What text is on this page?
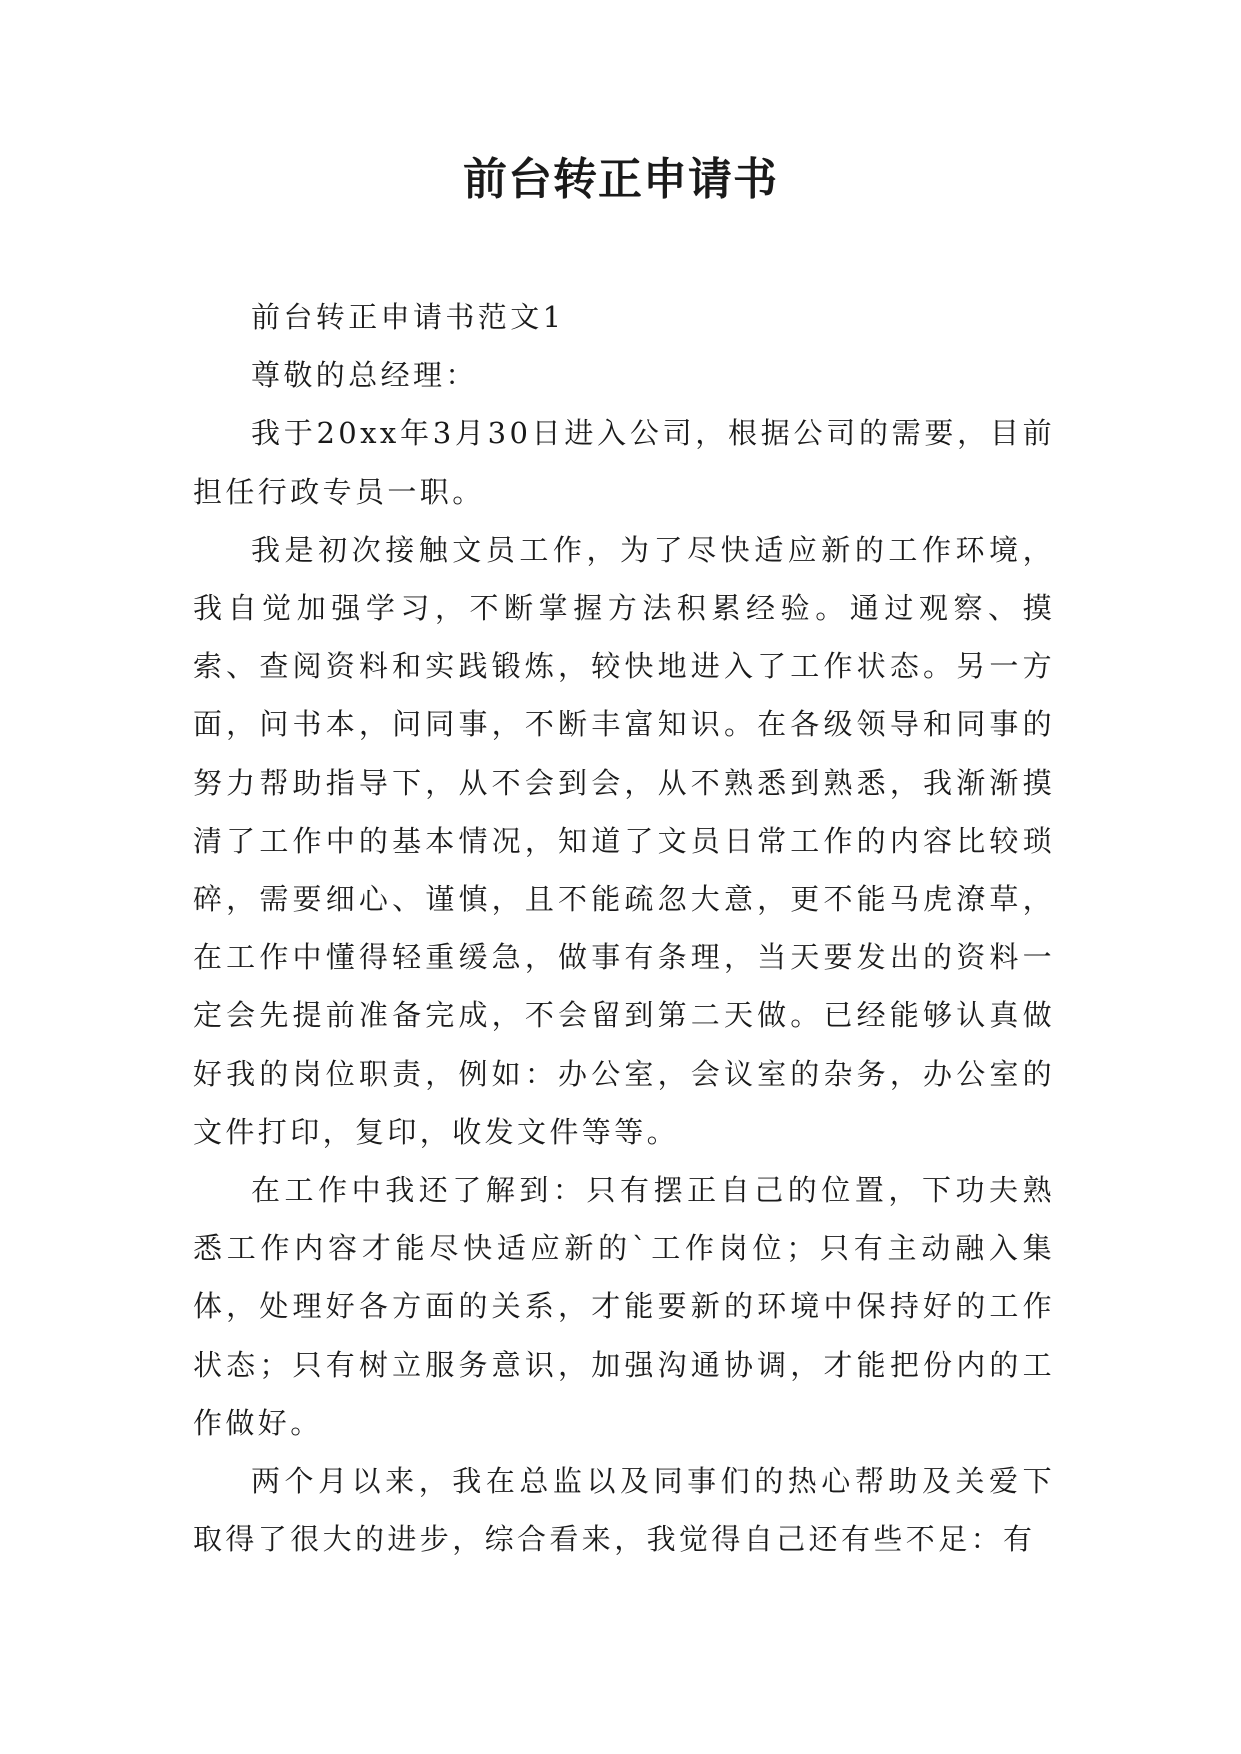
前台转正申请书

前台转正申请书范文1

尊敬的总经理：

我于20xx年3月30日进入公司，根据公司的需要，目前担任行政专员一职。

我是初次接触文员工作，为了尽快适应新的工作环境，我自觉加强学习，不断掌握方法积累经验。通过观察、摸索、查阅资料和实践锻炼，较快地进入了工作状态。另一方面，问书本，问同事，不断丰富知识。在各级领导和同事的努力帮助指导下，从不会到会，从不熟悉到熟悉，我渐渐摸清了工作中的基本情况，知道了文员日常工作的内容比较琐碎，需要细心、谨慎，且不能疏忽大意，更不能马虎潦草，在工作中懂得轻重缓急，做事有条理，当天要发出的资料一定会先提前准备完成，不会留到第二天做。已经能够认真做好我的岗位职责，例如：办公室，会议室的杂务，办公室的文件打印，复印，收发文件等等。

在工作中我还了解到：只有摆正自己的位置，下功夫熟悉工作内容才能尽快适应新的`工作岗位；只有主动融入集体，处理好各方面的关系，才能要新的环境中保持好的工作状态；只有树立服务意识，加强沟通协调，才能把份内的工作做好。

两个月以来，我在总监以及同事们的热心帮助及关爱下取得了很大的进步，综合看来，我觉得自己还有些不足：有
